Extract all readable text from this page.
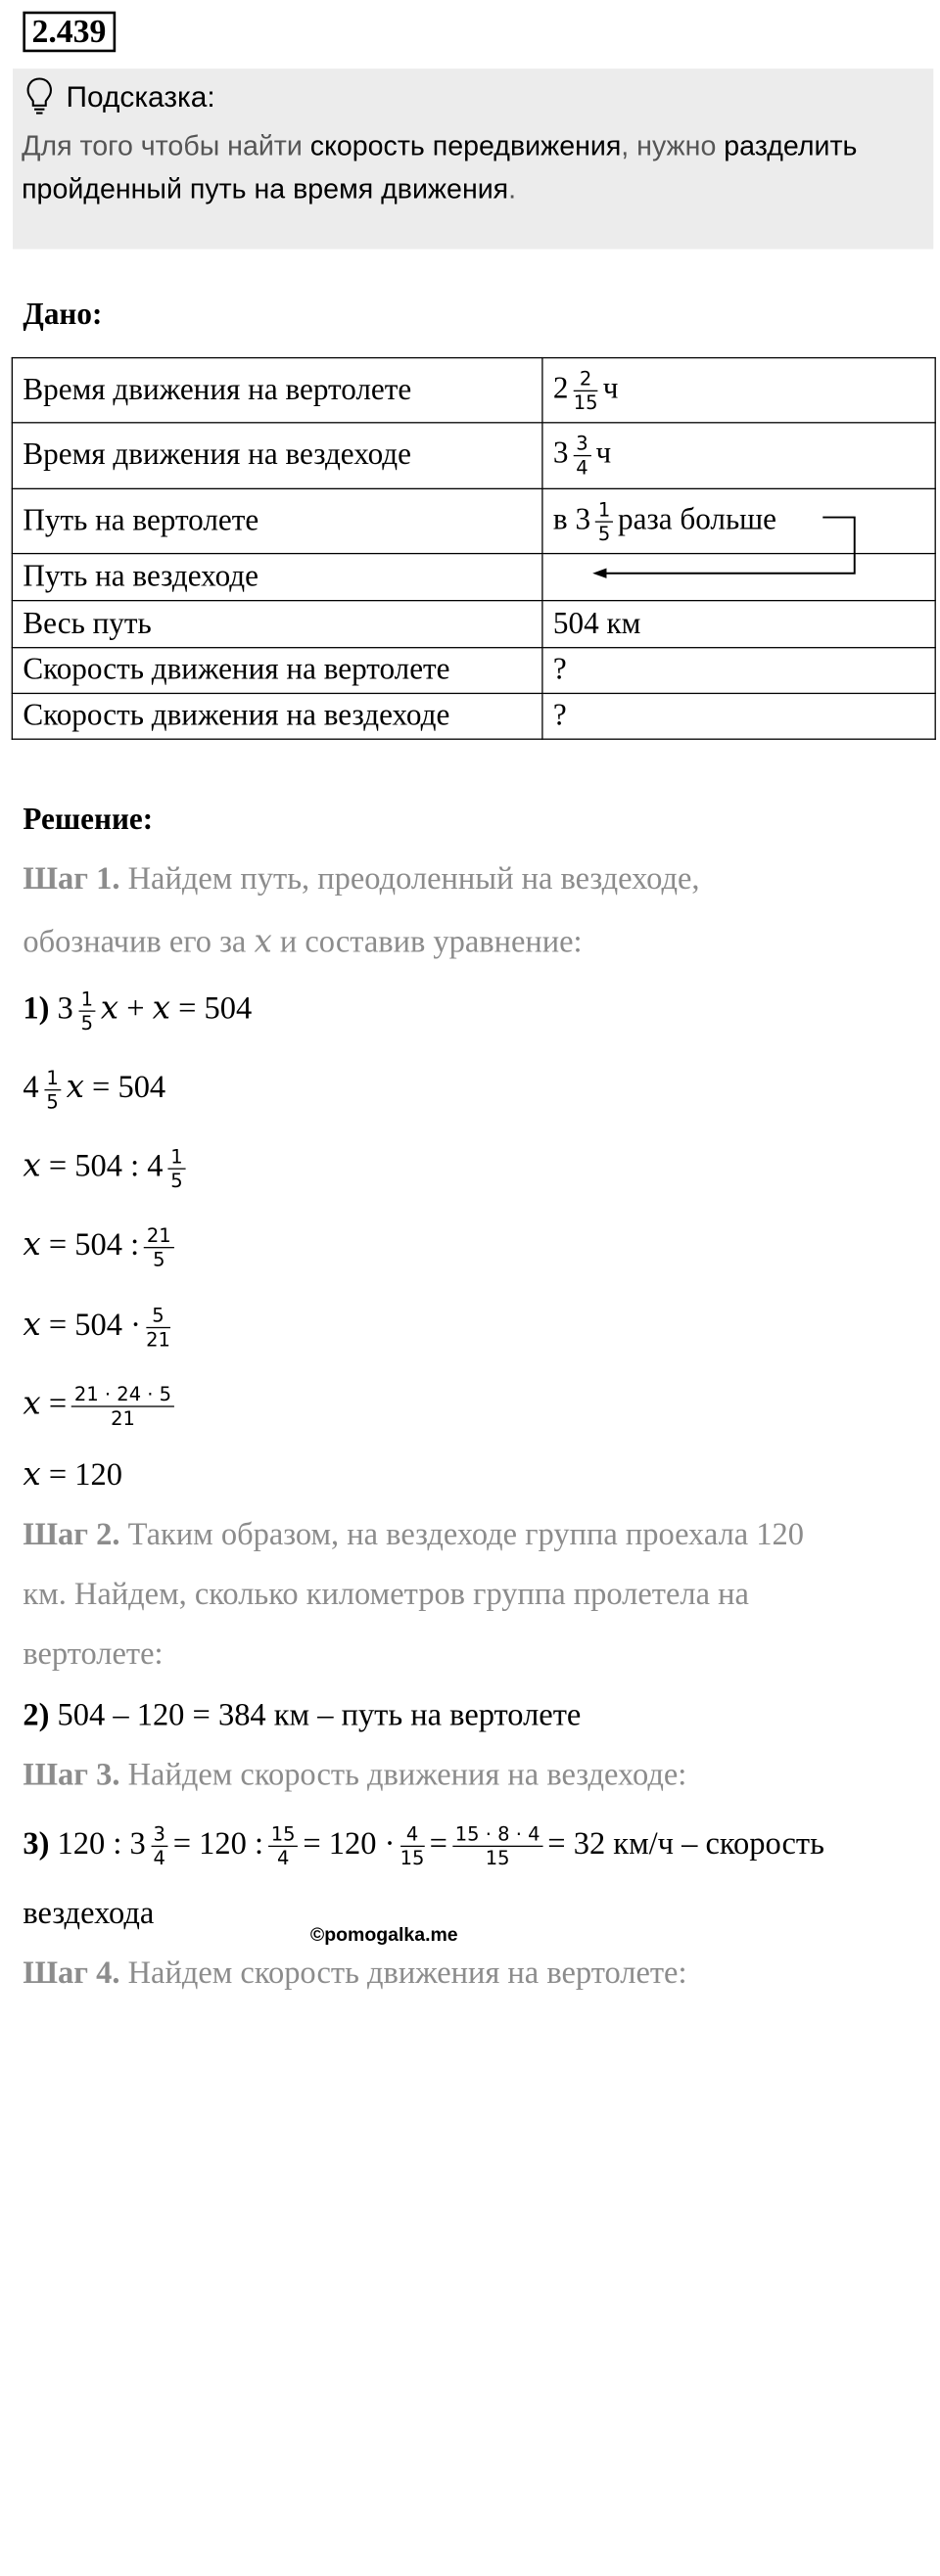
2.439
Подсказка:
Для того чтобы найти скорость передвижения, нужно разделить пройденный путь на время движения.
Дано:
Время движения на вертолете	$2 \frac{2}{15}$ ч
Время движения на вездеходе	$3 \frac{3}{4}$ ч
Путь на вертолете	в $3 \frac{1}{5}$ раза больше
Путь на вездеходе	
Весь путь	504 км
Скорость движения на вертолете	?
Скорость движения на вездеходе	?
Решение:
Шаг 1. Найдем путь, преодоленный на вездеходе,
обозначив его за x и составив уравнение:
1) $3 \frac{1}{5}$ x + x = 504
$4 \frac{1}{5}$ x = 504
x = 504 : $4 \frac{1}{5}$
x = 504 : $\frac{21}{5}$
$x = 504 \cdot \frac{5}{21}$
$x = \frac{21 \cdot 24 \cdot 5}{21}$
x = 120
Шаг 2. Таким образом, на вездеходе группа проехала 120
км. Найдем, сколько километров группа пролетела на
вертолете:
2) 504 – 120 = 384 км – путь на вертолете
Шаг 3. Найдем скорость движения на вездеходе:
3) 120 : $3 \frac{3}{4} = 120$ : $\frac{15}{4} = 120 \cdot \frac{4}{15} = \frac{15 \cdot 8 \cdot 4}{15} = 32$ км/ч – скорость
вездехода
©pomogalka.me
Шаг 4. Найдем скорость движения на вертолете:
